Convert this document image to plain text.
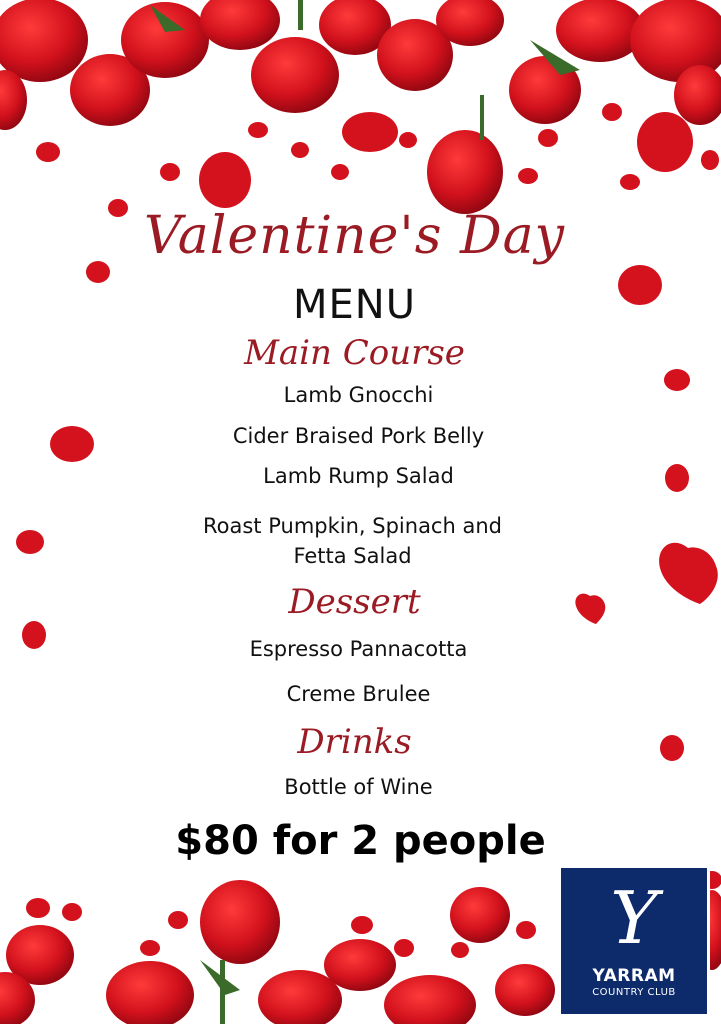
Valentine's Day
MENU
Main Course
Lamb Gnocchi
Cider Braised Pork Belly
Lamb Rump Salad
Roast Pumpkin, Spinach and
Fetta Salad
Dessert
Espresso Pannacotta
Creme Brulee
Drinks
Bottle of Wine
$80 for 2 people
Y
YARRAM
COUNTRY CLUB
